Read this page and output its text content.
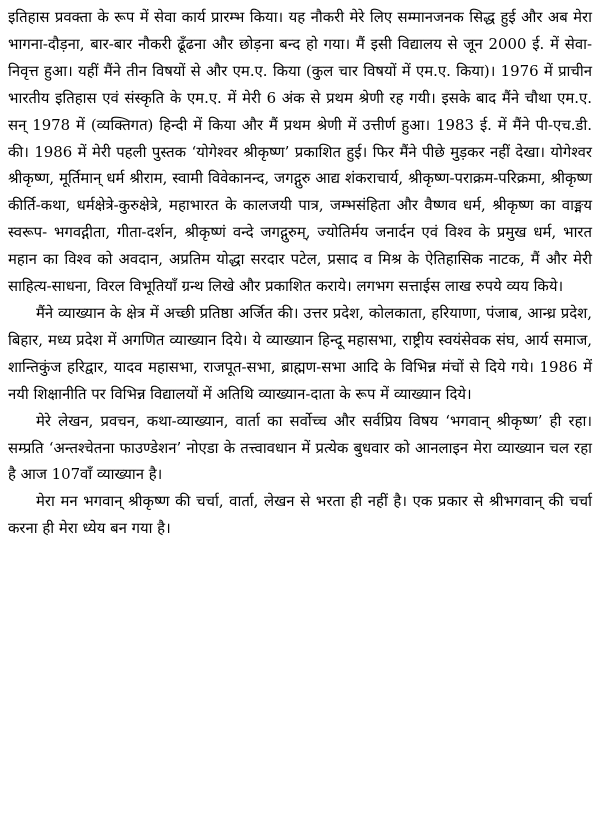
इतिहास प्रवक्ता के रूप में सेवा कार्य प्रारम्भ किया। यह नौकरी मेरे लिए सम्मानजनक सिद्ध हुई और अब मेरा भागना-दौड़ना, बार-बार नौकरी ढूँढना और छोड़ना बन्द हो गया। मैं इसी विद्यालय से जून 2000 ई. में सेवा-निवृत्त हुआ। यहीं मैंने तीन विषयों से और एम.ए. किया (कुल चार विषयों में एम.ए. किया)। 1976 में प्राचीन भारतीय इतिहास एवं संस्कृति के एम.ए. में मेरी 6 अंक से प्रथम श्रेणी रह गयी। इसके बाद मैंने चौथा एम.ए. सन् 1978 में (व्यक्तिगत) हिन्दी में किया और मैं प्रथम श्रेणी में उत्तीर्ण हुआ। 1983 ई. में मैंने पी-एच.डी. की। 1986 में मेरी पहली पुस्तक ‘योगेश्वर श्रीकृष्ण’ प्रकाशित हुई। फिर मैंने पीछे मुड़कर नहीं देखा। योगेश्वर श्रीकृष्ण, मूर्तिमान् धर्म श्रीराम, स्वामी विवेकानन्द, जगद्गुरु आद्य शंकराचार्य, श्रीकृष्ण-पराक्रम-परिक्रमा, श्रीकृष्ण कीर्ति-कथा, धर्मक्षेत्रे-कुरुक्षेत्रे, महाभारत के कालजयी पात्र, जम्भसंहिता और वैष्णव धर्म, श्रीकृष्ण का वाङ्मय स्वरूप- भगवद्गीता, गीता-दर्शन, श्रीकृष्णं वन्दे जगद्गुरुम्, ज्योतिर्मय जनार्दन एवं विश्व के प्रमुख धर्म, भारत महान का विश्व को अवदान, अप्रतिम योद्धा सरदार पटेल, प्रसाद व मिश्र के ऐतिहासिक नाटक, मैं और मेरी साहित्य-साधना, विरल विभूतियाँ ग्रन्थ लिखे और प्रकाशित कराये। लगभग सत्ताईस लाख रुपये व्यय किये।

मैंने व्याख्यान के क्षेत्र में अच्छी प्रतिष्ठा अर्जित की। उत्तर प्रदेश, कोलकाता, हरियाणा, पंजाब, आन्ध्र प्रदेश, बिहार, मध्य प्रदेश में अगणित व्याख्यान दिये। ये व्याख्यान हिन्दू महासभा, राष्ट्रीय स्वयंसेवक संघ, आर्य समाज, शान्तिकुंज हरिद्वार, यादव महासभा, राजपूत-सभा, ब्राह्मण-सभा आदि के विभिन्न मंचों से दिये गये। 1986 में नयी शिक्षानीति पर विभिन्न विद्यालयों में अतिथि व्याख्यान-दाता के रूप में व्याख्यान दिये।

मेरे लेखन, प्रवचन, कथा-व्याख्यान, वार्ता का सर्वोच्च और सर्वप्रिय विषय ‘भगवान् श्रीकृष्ण’ ही रहा। सम्प्रति ‘अन्तश्चेतना फाउण्डेशन’ नोएडा के तत्त्वावधान में प्रत्येक बुधवार को आनलाइन मेरा व्याख्यान चल रहा है आज 107वाँ व्याख्यान है।

मेरा मन भगवान् श्रीकृष्ण की चर्चा, वार्ता, लेखन से भरता ही नहीं है। एक प्रकार से श्रीभगवान् की चर्चा करना ही मेरा ध्येय बन गया है।
